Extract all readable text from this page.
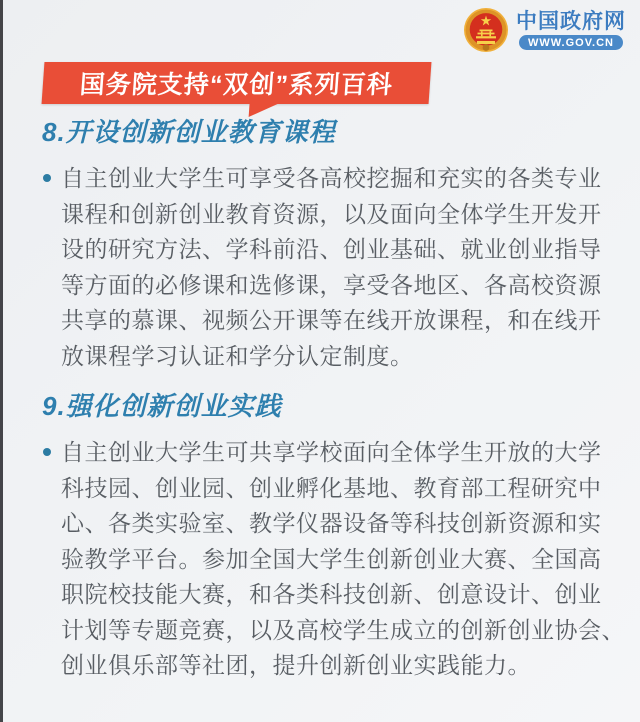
中国政府网
WWW.GOV.CN
国务院支持“双创”系列百科
8.开设创新创业教育课程
自主创业大学生可享受各高校挖掘和充实的各类专业
课程和创新创业教育资源，以及面向全体学生开发开
设的研究方法、学科前沿、创业基础、就业创业指导
等方面的必修课和选修课，享受各地区、各高校资源
共享的慕课、视频公开课等在线开放课程，和在线开
放课程学习认证和学分认定制度。
9.强化创新创业实践
自主创业大学生可共享学校面向全体学生开放的大学
科技园、创业园、创业孵化基地、教育部工程研究中
心、各类实验室、教学仪器设备等科技创新资源和实
验教学平台。参加全国大学生创新创业大赛、全国高
职院校技能大赛，和各类科技创新、创意设计、创业
计划等专题竞赛，以及高校学生成立的创新创业协会、
创业俱乐部等社团，提升创新创业实践能力。
